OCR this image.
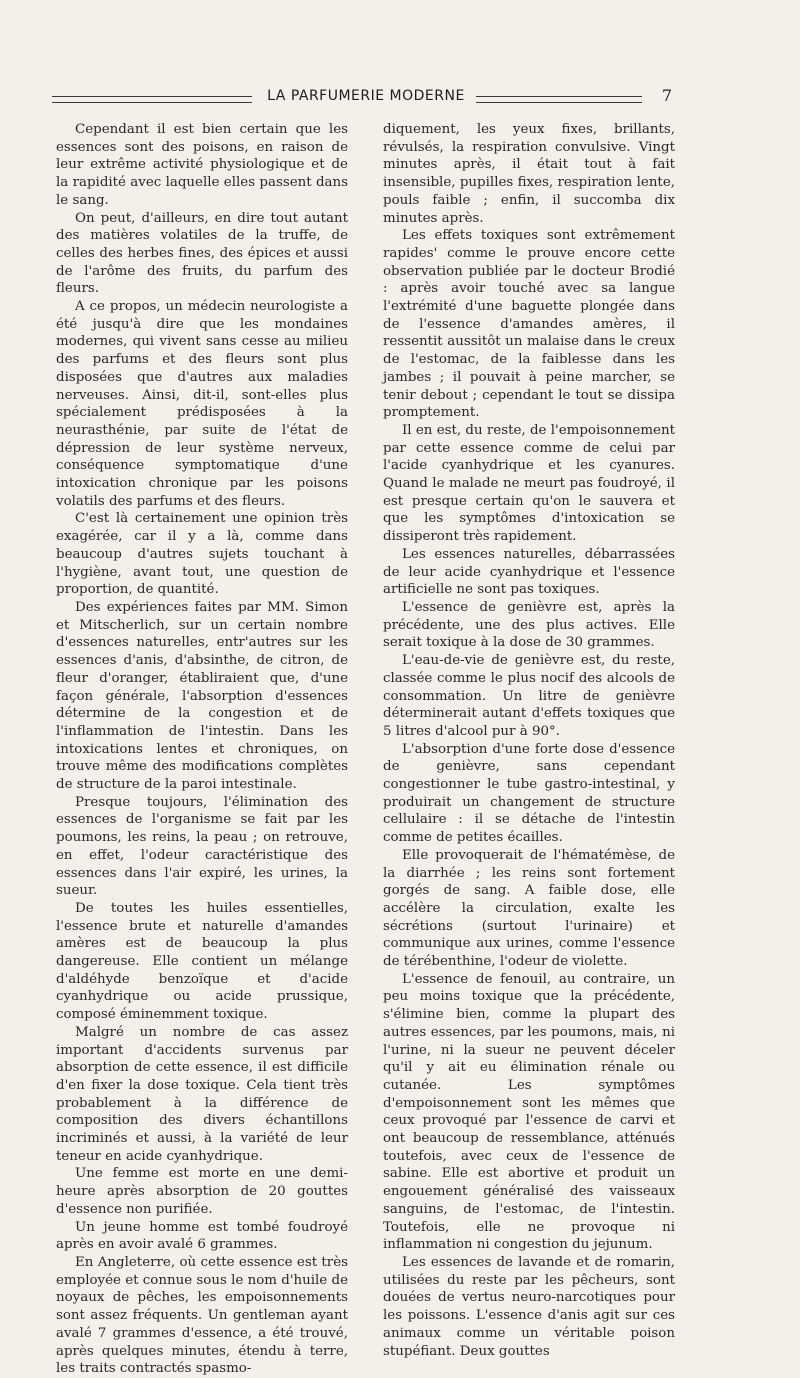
LA PARFUMERIE MODERNE	7

Cependant il est bien certain que les essences sont des poisons, en raison de leur extrême activité physiologique et de la rapidité avec laquelle elles passent dans le sang.

On peut, d'ailleurs, en dire tout autant des matières volatiles de la truffe, de celles des herbes fines, des épices et aussi de l'arôme des fruits, du parfum des fleurs.

A ce propos, un médecin neurologiste a été jusqu'à dire que les mondaines modernes, qui vivent sans cesse au milieu des parfums et des fleurs sont plus disposées que d'autres aux maladies nerveuses. Ainsi, dit-il, sont-elles plus spécialement prédisposées à la neurasthénie, par suite de l'état de dépression de leur système nerveux, conséquence symptomatique d'une intoxication chronique par les poisons volatils des parfums et des fleurs.

C'est là certainement une opinion très exagérée, car il y a là, comme dans beaucoup d'autres sujets touchant à l'hygiène, avant tout, une question de proportion, de quantité.

Des expériences faites par MM. Simon et Mitscherlich, sur un certain nombre d'essences naturelles, entr'autres sur les essences d'anis, d'absinthe, de citron, de fleur d'oranger, établiraient que, d'une façon générale, l'absorption d'essences détermine de la congestion et de l'inflammation de l'intestin. Dans les intoxications lentes et chroniques, on trouve même des modifications complètes de structure de la paroi intestinale.

Presque toujours, l'élimination des essences de l'organisme se fait par les poumons, les reins, la peau ; on retrouve, en effet, l'odeur caractéristique des essences dans l'air expiré, les urines, la sueur.

De toutes les huiles essentielles, l'essence brute et naturelle d'amandes amères est de beaucoup la plus dangereuse. Elle contient un mélange d'aldéhyde benzoïque et d'acide cyanhydrique ou acide prussique, composé éminemment toxique.

Malgré un nombre de cas assez important d'accidents survenus par absorption de cette essence, il est difficile d'en fixer la dose toxique. Cela tient très probablement à la différence de composition des divers échantillons incriminés et aussi, à la variété de leur teneur en acide cyanhydrique.

Une femme est morte en une demi-heure après absorption de 20 gouttes d'essence non purifiée.

Un jeune homme est tombé foudroyé après en avoir avalé 6 grammes.

En Angleterre, où cette essence est très employée et connue sous le nom d'huile de noyaux de pêches, les empoisonnements sont assez fréquents. Un gentleman ayant avalé 7 grammes d'essence, a été trouvé, après quelques minutes, étendu à terre, les traits contractés spasmo-

diquement, les yeux fixes, brillants, révulsés, la respiration convulsive. Vingt minutes après, il était tout à fait insensible, pupilles fixes, respiration lente, pouls faible ; enfin, il succomba dix minutes après.

Les effets toxiques sont extrêmement rapides' comme le prouve encore cette observation publiée par le docteur Brodié : après avoir touché avec sa langue l'extrémité d'une baguette plongée dans de l'essence d'amandes amères, il ressentit aussitôt un malaise dans le creux de l'estomac, de la faiblesse dans les jambes ; il pouvait à peine marcher, se tenir debout ; cependant le tout se dissipa promptement.

Il en est, du reste, de l'empoisonnement par cette essence comme de celui par l'acide cyanhydrique et les cyanures. Quand le malade ne meurt pas foudroyé, il est presque certain qu'on le sauvera et que les symptômes d'intoxication se dissiperont très rapidement.

Les essences naturelles, débarrassées de leur acide cyanhydrique et l'essence artificielle ne sont pas toxiques.

L'essence de genièvre est, après la précédente, une des plus actives. Elle serait toxique à la dose de 30 grammes.

L'eau-de-vie de genièvre est, du reste, classée comme le plus nocif des alcools de consommation. Un litre de genièvre déterminerait autant d'effets toxiques que 5 litres d'alcool pur à 90°.

L'absorption d'une forte dose d'essence de genièvre, sans cependant congestionner le tube gastro-intestinal, y produirait un changement de structure cellulaire : il se détache de l'intestin comme de petites écailles.

Elle provoquerait de l'hématémèse, de la diarrhée ; les reins sont fortement gorgés de sang. A faible dose, elle accélère la circulation, exalte les sécrétions (surtout l'urinaire) et communique aux urines, comme l'essence de térébenthine, l'odeur de violette.

L'essence de fenouil, au contraire, un peu moins toxique que la précédente, s'élimine bien, comme la plupart des autres essences, par les poumons, mais, ni l'urine, ni la sueur ne peuvent déceler qu'il y ait eu élimination rénale ou cutanée. Les symptômes d'empoisonnement sont les mêmes que ceux provoqué par l'essence de carvi et ont beaucoup de ressemblance, atténués toutefois, avec ceux de l'essence de sabine. Elle est abortive et produit un engouement généralisé des vaisseaux sanguins, de l'estomac, de l'intestin. Toutefois, elle ne provoque ni inflammation ni congestion du jejunum.

Les essences de lavande et de romarin, utilisées du reste par les pêcheurs, sont douées de vertus neuro-narcotiques pour les poissons. L'essence d'anis agit sur ces animaux comme un véritable poison stupéfiant. Deux gouttes
